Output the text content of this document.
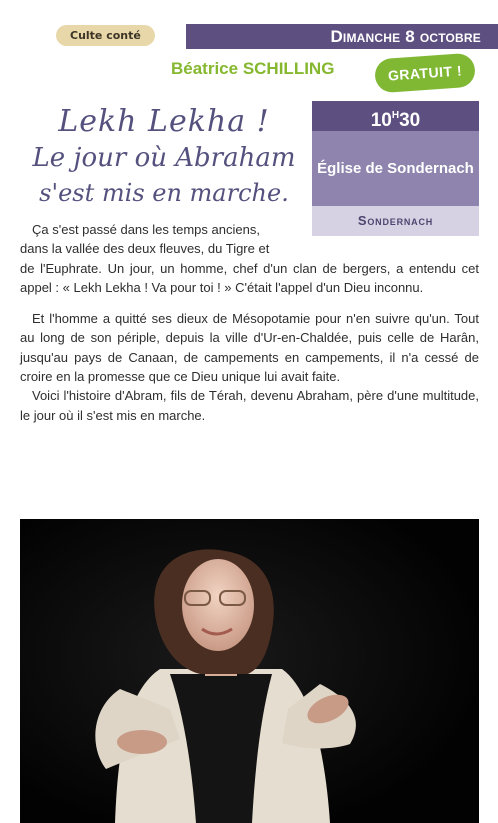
Culte conté	Dimanche 8 octobre
Béatrice SCHILLING	GRATUIT !
Lekh Lekha !
Le jour où Abraham
s'est mis en marche.
$10^H30$
Église de Sondernach
Sondernach

Ça s'est passé dans les temps anciens,

dans la vallée des deux fleuves, du Tigre et

de l'Euphrate. Un jour, un homme, chef d'un clan de bergers, a entendu cet appel : « Lekh Lekha ! Va pour toi ! » C'était l'appel d'un Dieu inconnu.

Et l'homme a quitté ses dieux de Mésopotamie pour n'en suivre qu'un. Tout au long de son périple, depuis la ville d'Ur-en-Chaldée, puis celle de Harân, jusqu'au pays de Canaan, de campements en campements, il n'a cessé de croire en la promesse que ce Dieu unique lui avait faite.

Voici l'histoire d'Abram, fils de Térah, devenu Abraham, père d'une multitude, le jour où il s'est mis en marche.
